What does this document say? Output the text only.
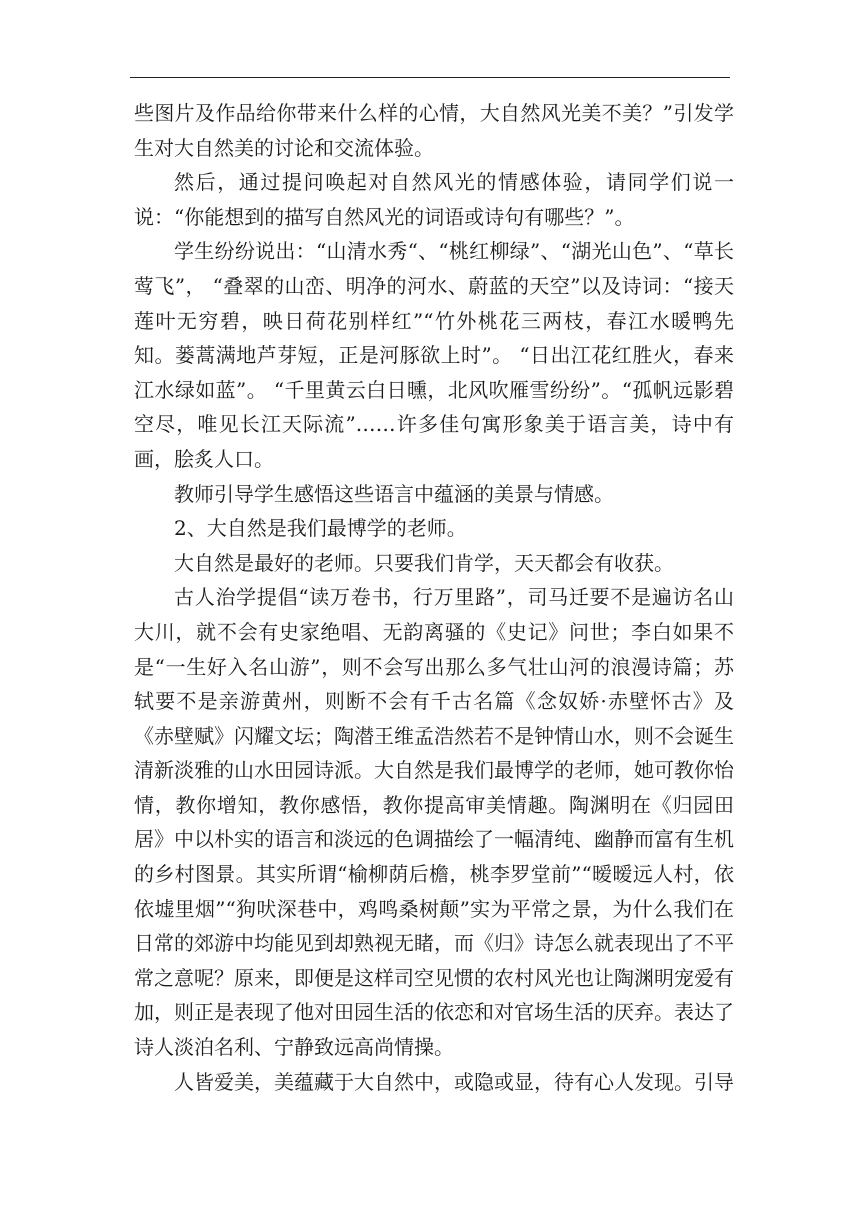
些图片及作品给你带来什么样的心情，大自然风光美不美？”引发学生对大自然美的讨论和交流体验。

然后，通过提问唤起对自然风光的情感体验，请同学们说一说：“你能想到的描写自然风光的词语或诗句有哪些？”。

学生纷纷说出：“山清水秀“、“桃红柳绿”、“湖光山色”、“草长莺飞”， “叠翠的山峦、明净的河水、蔚蓝的天空”以及诗词：“接天莲叶无穷碧，映日荷花别样红”“竹外桃花三两枝，春江水暖鸭先知。蒌蒿满地芦芽短，正是河豚欲上时”。 “日出江花红胜火，春来江水绿如蓝”。 “千里黄云白日曛，北风吹雁雪纷纷”。“孤帆远影碧空尽，唯见长江天际流”……许多佳句寓形象美于语言美，诗中有画，脍炙人口。

教师引导学生感悟这些语言中蕴涵的美景与情感。

2、大自然是我们最博学的老师。

大自然是最好的老师。只要我们肯学，天天都会有收获。

古人治学提倡“读万卷书，行万里路”，司马迁要不是遍访名山大川，就不会有史家绝唱、无韵离骚的《史记》问世；李白如果不是“一生好入名山游”，则不会写出那么多气壮山河的浪漫诗篇；苏轼要不是亲游黄州，则断不会有千古名篇《念奴娇·赤壁怀古》及《赤壁赋》闪耀文坛；陶潜王维孟浩然若不是钟情山水，则不会诞生清新淡雅的山水田园诗派。大自然是我们最博学的老师，她可教你怡情，教你增知，教你感悟，教你提高审美情趣。陶渊明在《归园田居》中以朴实的语言和淡远的色调描绘了一幅清纯、幽静而富有生机的乡村图景。其实所谓“榆柳荫后檐，桃李罗堂前”“暧暧远人村，依依墟里烟”“狗吠深巷中，鸡鸣桑树颠”实为平常之景，为什么我们在日常的郊游中均能见到却熟视无睹，而《归》诗怎么就表现出了不平常之意呢？原来，即便是这样司空见惯的农村风光也让陶渊明宠爱有加，则正是表现了他对田园生活的依恋和对官场生活的厌弃。表达了诗人淡泊名利、宁静致远高尚情操。

人皆爱美，美蕴藏于大自然中，或隐或显，待有心人发现。引导
